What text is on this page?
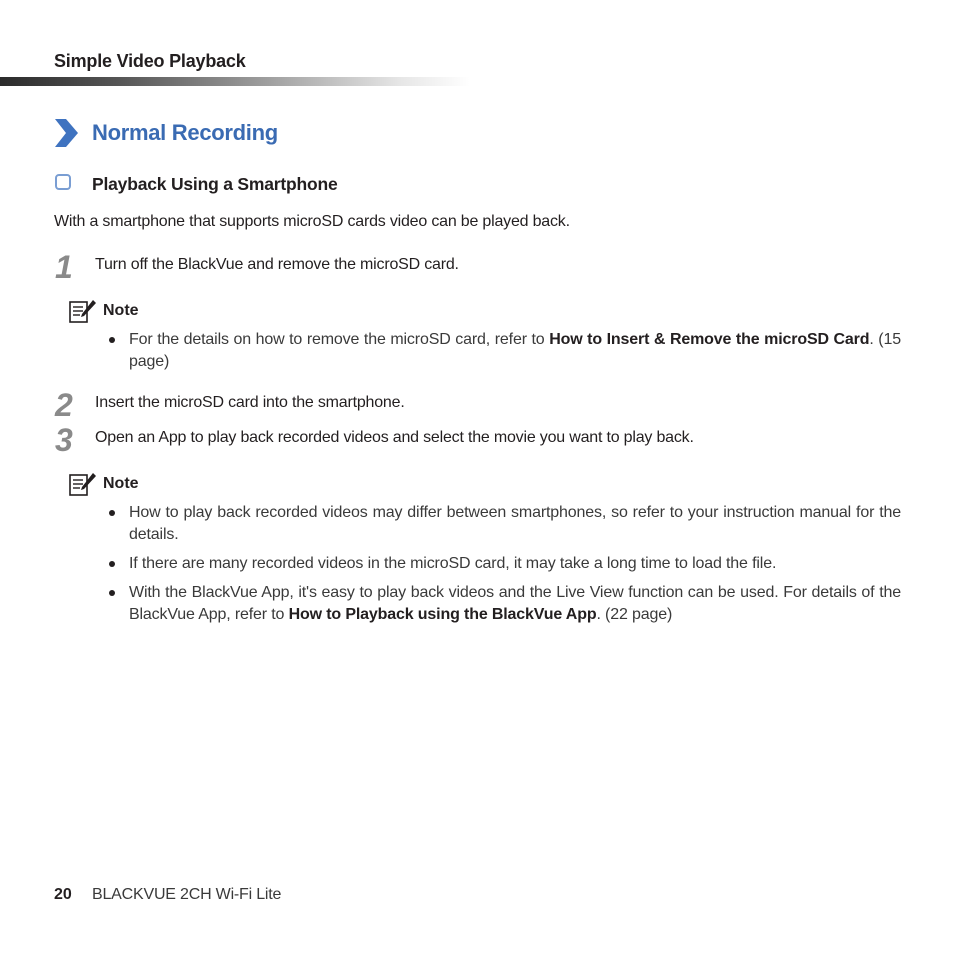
Simple Video Playback
Normal Recording
Playback Using a Smartphone
With a smartphone that supports microSD cards video can be played back.
1 Turn off the BlackVue and remove the microSD card.
Note
For the details on how to remove the microSD card, refer to How to Insert & Remove the microSD Card. (15 page)
2 Insert the microSD card into the smartphone.
3 Open an App to play back recorded videos and select the movie you want to play back.
Note
How to play back recorded videos may differ between smartphones, so refer to your instruction manual for the details.
If there are many recorded videos in the microSD card, it may take a long time to load the file.
With the BlackVue App, it's easy to play back videos and the Live View function can be used. For details of the BlackVue App, refer to How to Playback using the BlackVue App. (22 page)
20 BLACKVUE 2CH Wi-Fi Lite
